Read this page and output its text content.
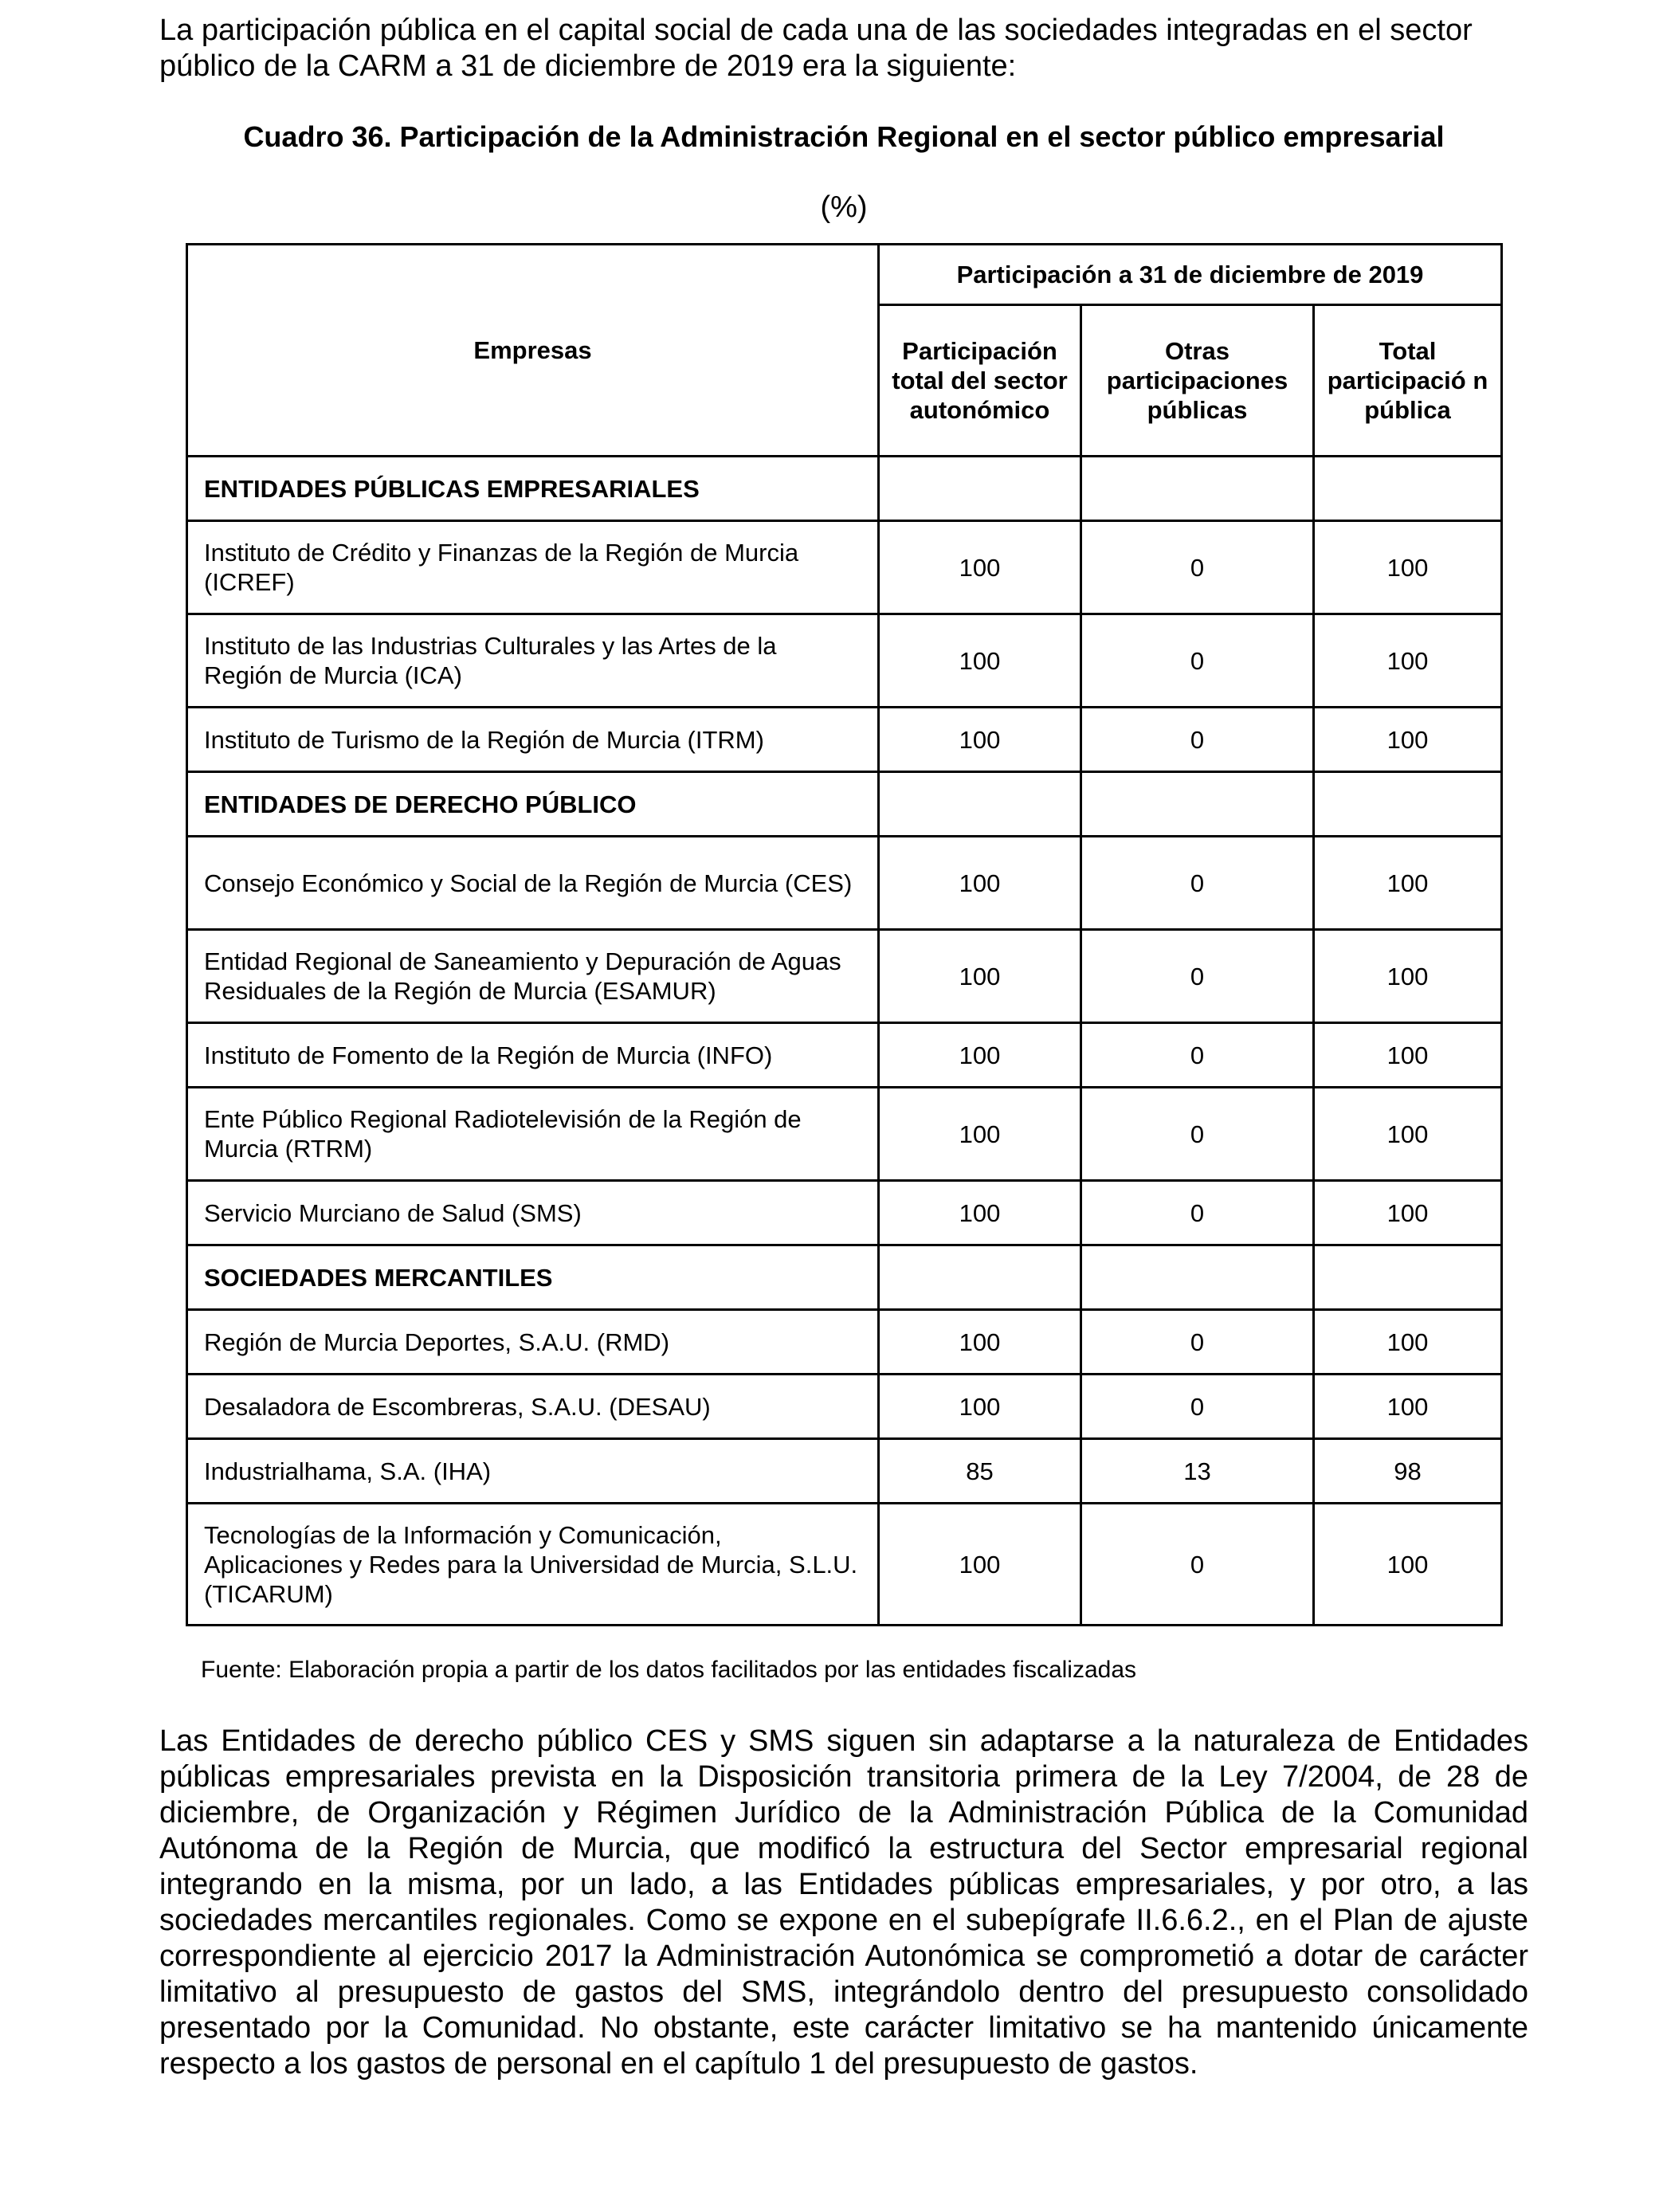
La participación pública en el capital social de cada una de las sociedades integradas en el sector público de la CARM a 31 de diciembre de 2019 era la siguiente:

Cuadro 36. Participación de la Administración Regional en el sector público empresarial

(%)

Empresas	Participación a 31 de diciembre de 2019		
	Participación total del sector autonómico	Otras participaciones públicas	Total participació n pública
ENTIDADES PÚBLICAS EMPRESARIALES			
Instituto de Crédito y Finanzas de la Región de Murcia (ICREF)	100	0	100
Instituto de las Industrias Culturales y las Artes de la Región de Murcia (ICA)	100	0	100
Instituto de Turismo de la Región de Murcia (ITRM)	100	0	100
ENTIDADES DE DERECHO PÚBLICO			
Consejo Económico y Social de la Región de Murcia (CES)	100	0	100
Entidad Regional de Saneamiento y Depuración de Aguas Residuales de la Región de Murcia (ESAMUR)	100	0	100
Instituto de Fomento de la Región de Murcia (INFO)	100	0	100
Ente Público Regional Radiotelevisión de la Región de Murcia (RTRM)	100	0	100
Servicio Murciano de Salud (SMS)	100	0	100
SOCIEDADES MERCANTILES			
Región de Murcia Deportes, S.A.U. (RMD)	100	0	100
Desaladora de Escombreras, S.A.U. (DESAU)	100	0	100
Industrialhama, S.A. (IHA)	85	13	98
Tecnologías de la Información y Comunicación, Aplicaciones y Redes para la Universidad de Murcia, S.L.U. (TICARUM)	100	0	100

Fuente: Elaboración propia a partir de los datos facilitados por las entidades fiscalizadas

Las Entidades de derecho público CES y SMS siguen sin adaptarse a la naturaleza de Entidades públicas empresariales prevista en la Disposición transitoria primera de la Ley 7/2004, de 28 de diciembre, de Organización y Régimen Jurídico de la Administración Pública de la Comunidad Autónoma de la Región de Murcia, que modificó la estructura del Sector empresarial regional integrando en la misma, por un lado, a las Entidades públicas empresariales, y por otro, a las sociedades mercantiles regionales. Como se expone en el subepígrafe II.6.6.2., en el Plan de ajuste correspondiente al ejercicio 2017 la Administración Autonómica se comprometió a dotar de carácter limitativo al presupuesto de gastos del SMS, integrándolo dentro del presupuesto consolidado presentado por la Comunidad. No obstante, este carácter limitativo se ha mantenido únicamente respecto a los gastos de personal en el capítulo 1 del presupuesto de gastos.
